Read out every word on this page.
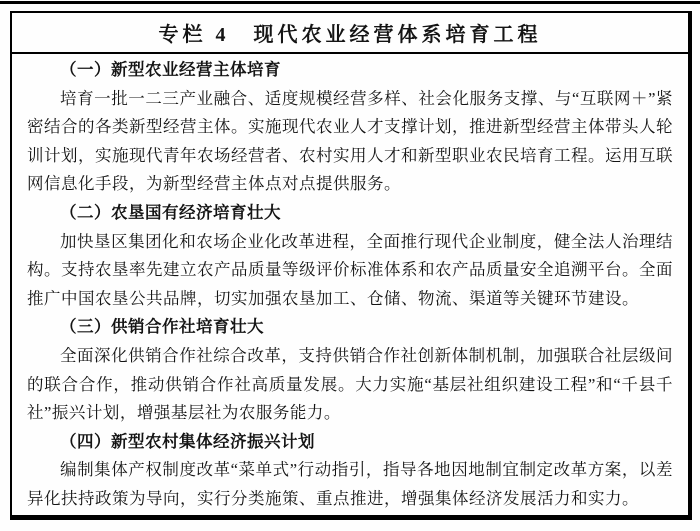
专栏 4　现代农业经营体系培育工程
（一）新型农业经营主体培育

培育一批一二三产业融合、适度规模经营多样、社会化服务支撑、与“互联网＋”紧密结合的各类新型经营主体。实施现代农业人才支撑计划，推进新型经营主体带头人轮训计划，实施现代青年农场经营者、农村实用人才和新型职业农民培育工程。运用互联网信息化手段，为新型经营主体点对点提供服务。

（二）农垦国有经济培育壮大

加快垦区集团化和农场企业化改革进程，全面推行现代企业制度，健全法人治理结构。支持农垦率先建立农产品质量等级评价标准体系和农产品质量安全追溯平台。全面推广中国农垦公共品牌，切实加强农垦加工、仓储、物流、渠道等关键环节建设。

（三）供销合作社培育壮大

全面深化供销合作社综合改革，支持供销合作社创新体制机制，加强联合社层级间的联合合作，推动供销合作社高质量发展。大力实施“基层社组织建设工程”和“千县千社”振兴计划，增强基层社为农服务能力。

（四）新型农村集体经济振兴计划

编制集体产权制度改革“菜单式”行动指引，指导各地因地制宜制定改革方案，以差异化扶持政策为导向，实行分类施策、重点推进，增强集体经济发展活力和实力。
